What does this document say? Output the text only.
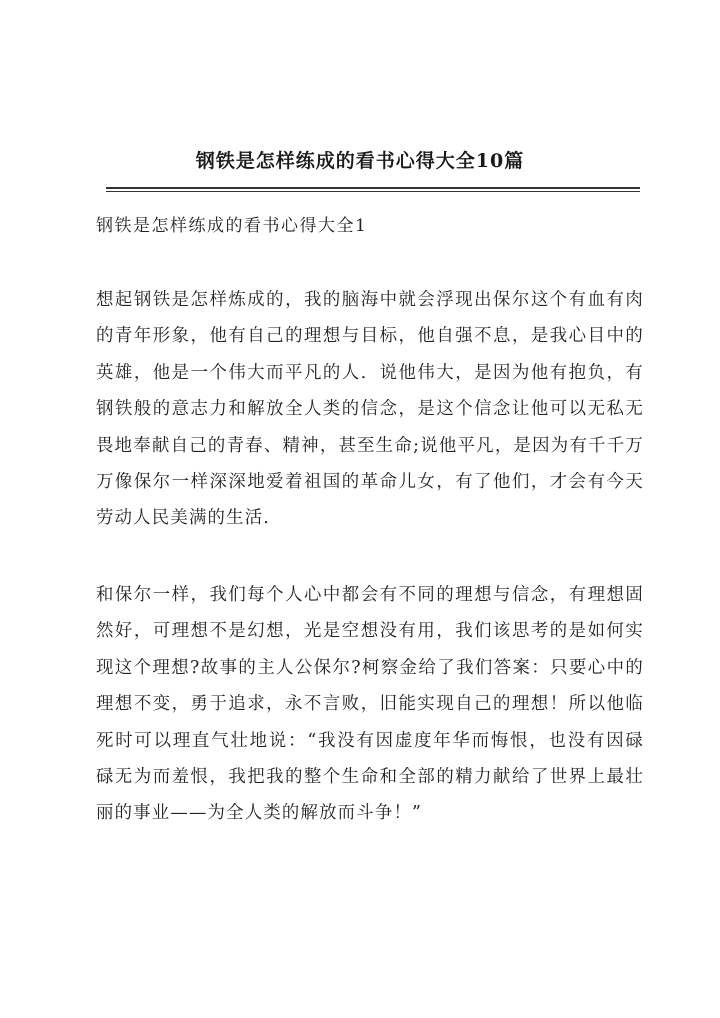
钢铁是怎样练成的看书心得大全10篇
钢铁是怎样练成的看书心得大全1

想起钢铁是怎样炼成的，我的脑海中就会浮现出保尔这个有血有肉的青年形象，他有自己的理想与目标，他自强不息，是我心目中的英雄，他是一个伟大而平凡的人．说他伟大，是因为他有抱负，有钢铁般的意志力和解放全人类的信念，是这个信念让他可以无私无畏地奉献自己的青春、精神，甚至生命;说他平凡，是因为有千千万万像保尔一样深深地爱着祖国的革命儿女，有了他们，才会有今天劳动人民美满的生活．

和保尔一样，我们每个人心中都会有不同的理想与信念，有理想固然好，可理想不是幻想，光是空想没有用，我们该思考的是如何实现这个理想?故事的主人公保尔?柯察金给了我们答案：只要心中的理想不变，勇于追求，永不言败，旧能实现自己的理想！所以他临死时可以理直气壮地说：“我没有因虚度年华而悔恨，也没有因碌碌无为而羞恨，我把我的整个生命和全部的精力献给了世界上最壮丽的事业——为全人类的解放而斗争！”
